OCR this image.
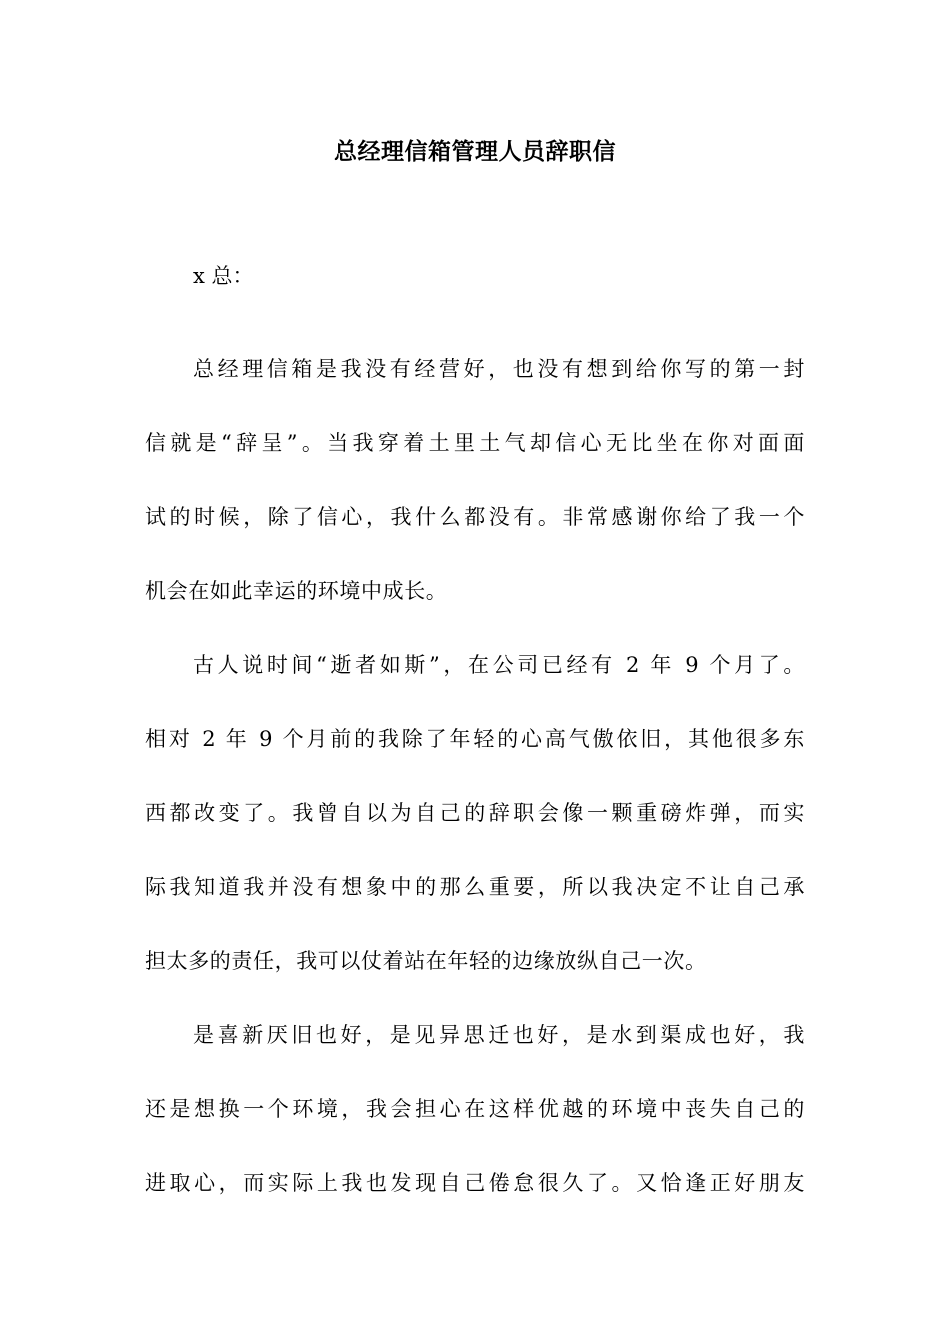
总经理信箱管理人员辞职信
x 总：
总经理信箱是我没有经营好，也没有想到给你写的第一封
信就是“辞呈”。当我穿着土里土气却信心无比坐在你对面面
试的时候，除了信心，我什么都没有。非常感谢你给了我一个
机会在如此幸运的环境中成长。
古人说时间“逝者如斯”，在公司已经有 2 年 9 个月了。
相对 2 年 9 个月前的我除了年轻的心高气傲依旧，其他很多东
西都改变了。我曾自以为自己的辞职会像一颗重磅炸弹，而实
际我知道我并没有想象中的那么重要，所以我决定不让自己承
担太多的责任，我可以仗着站在年轻的边缘放纵自己一次。
是喜新厌旧也好，是见异思迁也好，是水到渠成也好，我
还是想换一个环境，我会担心在这样优越的环境中丧失自己的
进取心，而实际上我也发现自己倦怠很久了。又恰逢正好朋友
